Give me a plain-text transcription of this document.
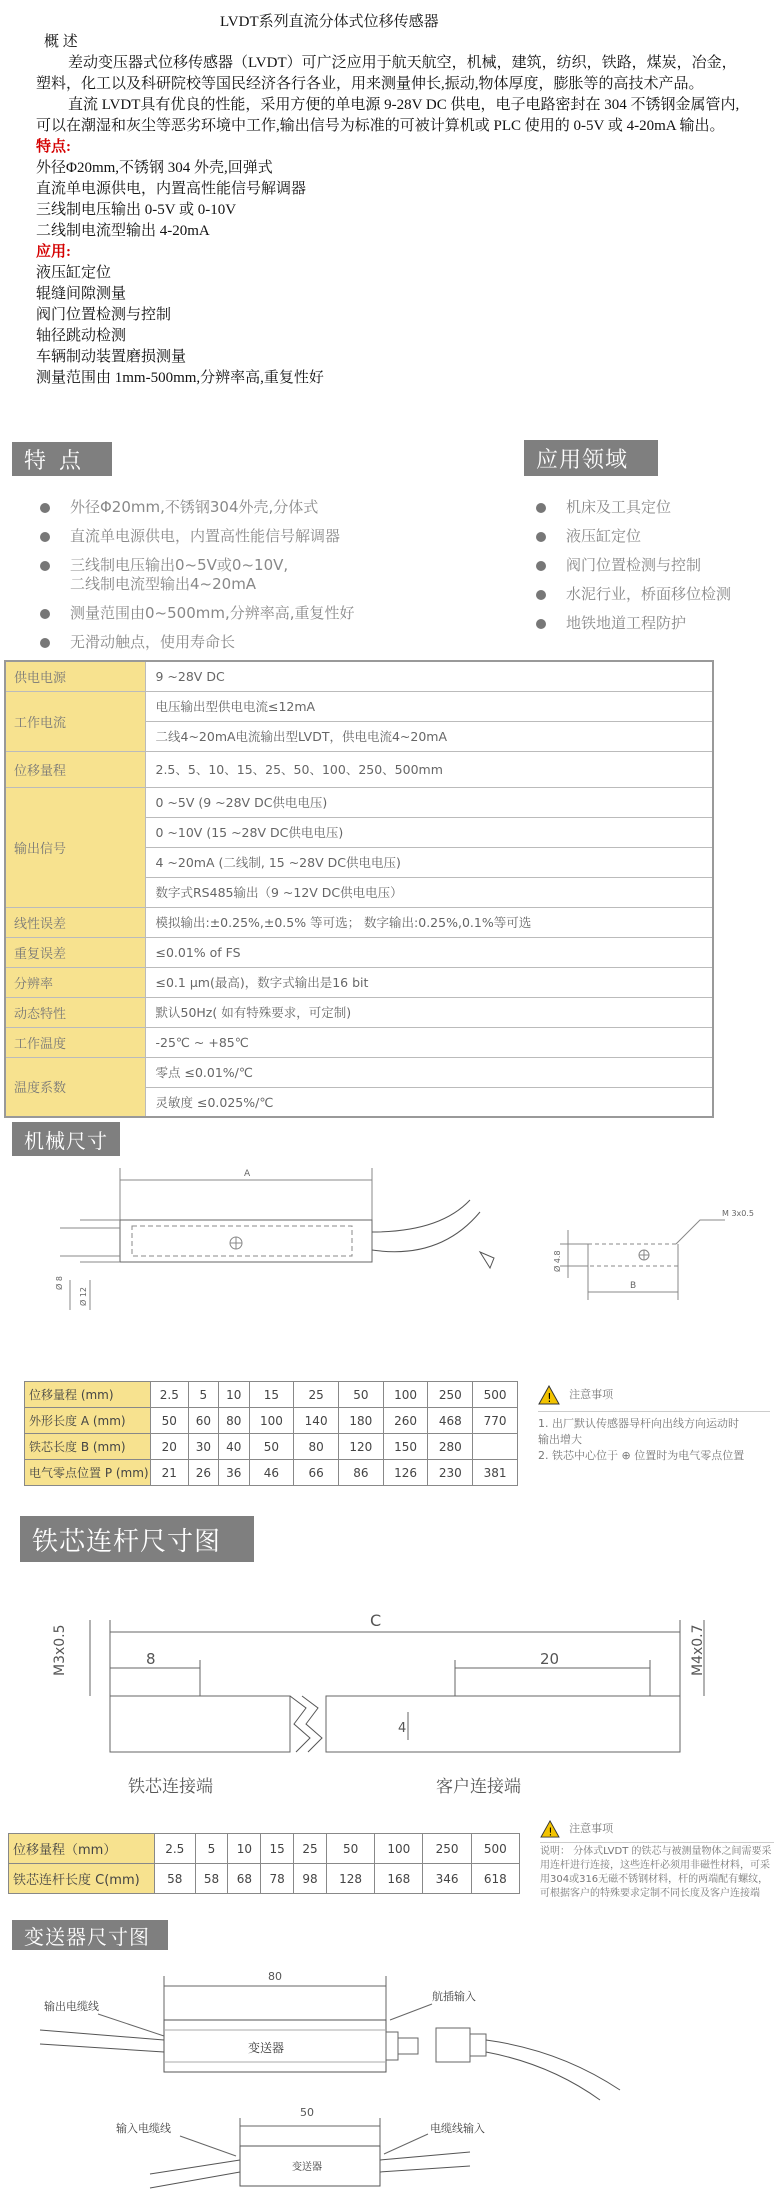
LVDT系列直流分体式位移传感器

概 述

差动变压器式位移传感器（LVDT）可广泛应用于航天航空，机械，建筑，纺织，铁路，煤炭，冶金，塑料，化工以及科研院校等国民经济各行各业，用来测量伸长,振动,物体厚度，膨胀等的高技术产品。

直流 LVDT具有优良的性能，采用方便的单电源 9-28V DC 供电，电子电路密封在 304 不锈钢金属管内,可以在潮湿和灰尘等恶劣环境中工作,输出信号为标准的可被计算机或 PLC 使用的 0-5V 或 4-20mA 输出。

特点:

外径Φ20mm,不锈钢 304 外壳,回弹式

直流单电源供电，内置高性能信号解调器

三线制电压输出 0-5V 或 0-10V

二线制电流型输出 4-20mA

应用:

液压缸定位

辊缝间隙测量

阀门位置检测与控制

轴径跳动检测

车辆制动装置磨损测量

测量范围由 1mm-500mm,分辨率高,重复性好

特 点	应用领域
外径Φ20mm,不锈钢304外壳,分体式
直流单电源供电，内置高性能信号解调器
三线制电压输出0~5V或0~10V,
二线制电流型输出4~20mA
测量范围由0~500mm,分辨率高,重复性好
无滑动触点，使用寿命长
机床及工具定位
液压缸定位
阀门位置检测与控制
水泥行业，桥面移位检测
地铁地道工程防护
供电电源	9 ~28V DC
工作电流	电压输出型供电电流≤12mA
	二线4~20mA电流输出型LVDT，供电电流4~20mA
位移量程	2.5、5、10、15、25、50、100、250、500mm
输出信号	0 ~5V (9 ~28V DC供电电压)
	0 ~10V (15 ~28V DC供电电压)
	4 ~20mA (二线制, 15 ~28V DC供电电压)
	数字式RS485输出（9 ~12V DC供电电压）
线性误差	模拟输出:±0.25%,±0.5% 等可选； 数字输出:0.25%,0.1%等可选
重复误差	≤0.01% of FS
分辨率	≤0.1 μm(最高)，数字式输出是16 bit
动态特性	默认50Hz( 如有特殊要求，可定制)
工作温度	-25℃ ~ +85℃
温度系数	零点 ≤0.01%/℃
	灵敏度 ≤0.025%/℃
机械尺寸
A
Ø 8
Ø 12
B
Ø 4.8
M 3x0.5
位移量程 (mm)	2.5	5	10	15	25	50	100	250	500
外形长度 A (mm)	50	60	80	100	140	180	260	468	770
铁芯长度 B (mm)	20	30	40	50	80	120	150	280	
电气零点位置 P (mm)	21	26	36	46	66	86	126	230	381
! 注意事项
1. 出厂默认传感器导杆向出线方向运动时
输出增大
2. 铁芯中心位于 ⊕ 位置时为电气零点位置
铁芯连杆尺寸图
C
M3x0.5	M4x0.7
8	20
4
铁芯连接端	客户连接端
位移量程（mm）	2.5	5	10	15	25	50	100	250	500
铁芯连杆长度 C(mm)	58	58	68	78	98	128	168	346	618
! 注意事项
说明： 分体式LVDT 的铁芯与被测量物体之间需要采用连杆进行连接，这些连杆必须用非磁性材料，可采用304或316无磁不锈钢材料，杆的两端配有螺纹，可根据客户的特殊要求定制不同长度及客户连接端
变送器尺寸图
80
输出电缆线
航插输入
变送器
50
输入电缆线	电缆线输入
变送器
